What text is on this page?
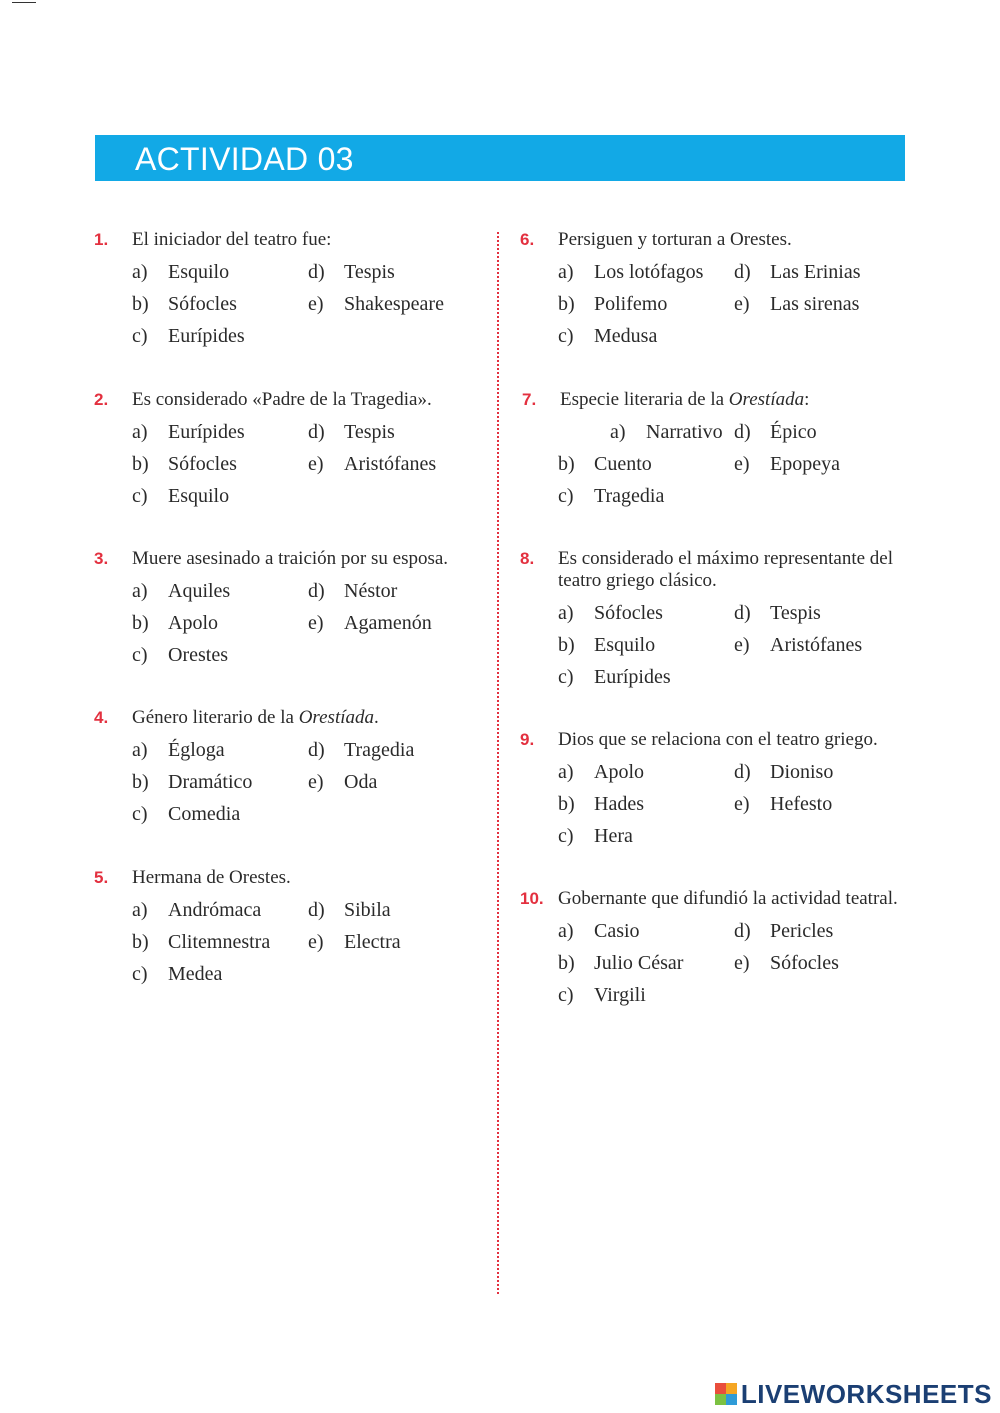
ACTIVIDAD 03
1. El iniciador del teatro fue:
a) Esquilo
b) Sófocles
c) Eurípides
d) Tespis
e) Shakespeare
2. Es considerado «Padre de la Tragedia».
a) Eurípides
b) Sófocles
c) Esquilo
d) Tespis
e) Aristófanes
3. Muere asesinado a traición por su esposa.
a) Aquiles
b) Apolo
c) Orestes
d) Néstor
e) Agamenón
4. Género literario de la Orestíada.
a) Égloga
b) Dramático
c) Comedia
d) Tragedia
e) Oda
5. Hermana de Orestes.
a) Andrómaca
b) Clitemnestra
c) Medea
d) Sibila
e) Electra
6. Persiguen y torturan a Orestes.
a) Los lotófagos
b) Polifemo
c) Medusa
d) Las Erinias
e) Las sirenas
7. Especie literaria de la Orestíada:
a) Narrativo
b) Cuento
c) Tragedia
d) Épico
e) Epopeya
8. Es considerado el máximo representante del teatro griego clásico.
a) Sófocles
b) Esquilo
c) Eurípides
d) Tespis
e) Aristófanes
9. Dios que se relaciona con el teatro griego.
a) Apolo
b) Hades
c) Hera
d) Dioniso
e) Hefesto
10. Gobernante que difundió la actividad teatral.
a) Casio
b) Julio César
c) Virgili
d) Pericles
e) Sófocles
LIVEWORKSHEETS
